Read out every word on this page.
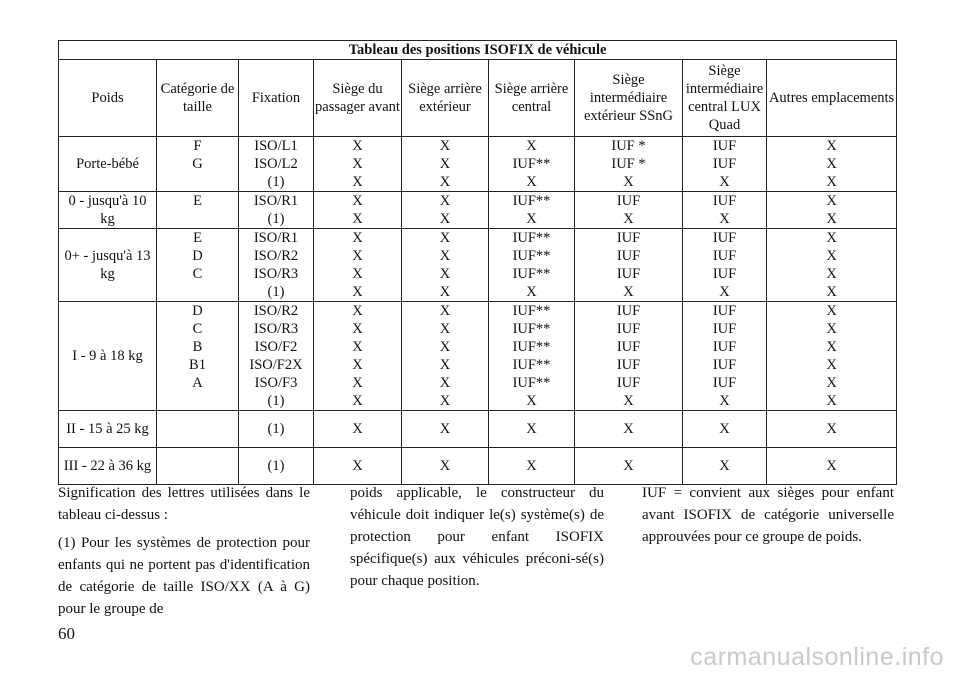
Tableau des positions ISOFIX de véhicule								
Poids	Catégorie de taille	Fixation	Siège du passager avant	Siège arrière extérieur	Siège arrière central	Siège intermédiaire extérieur SSnG	Siège intermédiaire central LUX Quad	Autres emplacements
Porte-bébé	F	ISO/L1	X	X	X	IUF *	IUF	X
	G	ISO/L2	X	X	IUF**	IUF *	IUF	X
		(1)	X	X	X	X	X	X
0 - jusqu'à 10 kg	E	ISO/R1	X	X	IUF**	IUF	IUF	X
		(1)	X	X	X	X	X	X
0+ - jusqu'à 13 kg	E	ISO/R1	X	X	IUF**	IUF	IUF	X
	D	ISO/R2	X	X	IUF**	IUF	IUF	X
	C	ISO/R3	X	X	IUF**	IUF	IUF	X
		(1)	X	X	X	X	X	X
I - 9 à 18 kg	D	ISO/R2	X	X	IUF**	IUF	IUF	X
	C	ISO/R3	X	X	IUF**	IUF	IUF	X
	B	ISO/F2	X	X	IUF**	IUF	IUF	X
	B1	ISO/F2X	X	X	IUF**	IUF	IUF	X
	A	ISO/F3	X	X	IUF**	IUF	IUF	X
		(1)	X	X	X	X	X	X
II - 15 à 25 kg		(1)	X	X	X	X	X	X
III - 22 à 36 kg		(1)	X	X	X	X	X	X

Signification des lettres utilisées dans le tableau ci-dessus :

(1) Pour les systèmes de protection pour enfants qui ne portent pas d'identification de catégorie de taille ISO/XX (A à G) pour le groupe de

poids applicable, le constructeur du véhicule doit indiquer le(s) système(s) de protection pour enfant ISOFIX spécifique(s) aux véhicules préconi-sé(s) pour chaque position.

IUF = convient aux sièges pour enfant avant ISOFIX de catégorie universelle approuvées pour ce groupe de poids.

60
carmanualsonline.info
